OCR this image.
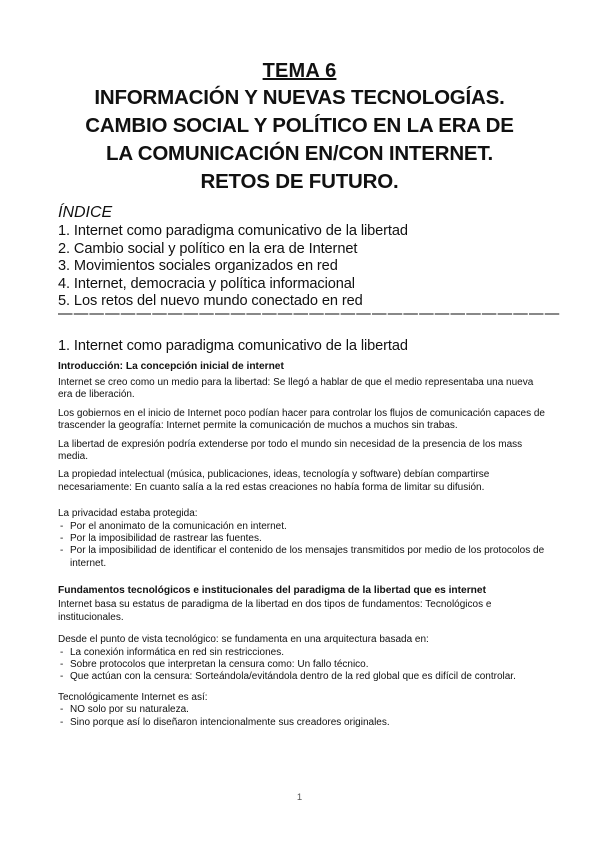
TEMA 6
INFORMACIÓN Y NUEVAS TECNOLOGÍAS.
CAMBIO SOCIAL Y POLÍTICO EN LA ERA DE
LA COMUNICACIÓN EN/CON INTERNET.
RETOS DE FUTURO.
ÍNDICE
1. Internet como paradigma comunicativo de la libertad
2. Cambio social y político en la era de Internet
3. Movimientos sociales organizados en red
4. Internet, democracia y política informacional
5. Los retos del nuevo mundo conectado en red
————————————————————————————————
1. Internet como paradigma comunicativo de la libertad
Introducción: La concepción inicial de internet

Internet se creo como un medio para la libertad: Se llegó a hablar de que el medio representaba una nueva era de liberación.

Los gobiernos en el inicio de Internet poco podían hacer para controlar los flujos de comunicación capaces de trascender la geografía: Internet permite la comunicación de muchos a muchos sin trabas.

La libertad de expresión podría extenderse por todo el mundo sin necesidad de la presencia de los mass media.

La propiedad intelectual (música, publicaciones, ideas, tecnología y software) debían compartirse necesariamente: En cuanto salía a la red estas creaciones no había forma de limitar su difusión.

La privacidad estaba protegida:

- Por el anonimato de la comunicación en internet.
- Por la imposibilidad de rastrear las fuentes.
- Por la imposibilidad de identificar el contenido de los mensajes transmitidos por medio de los protocolos de internet.
Fundamentos tecnológicos e institucionales del paradigma de la libertad que es internet

Internet basa su estatus de paradigma de la libertad en dos tipos de fundamentos: Tecnológicos e institucionales.

Desde el punto de vista tecnológico: se fundamenta en una arquitectura basada en:

- La conexión informática en red sin restricciones.
- Sobre protocolos que interpretan la censura como: Un fallo técnico.
- Que actúan con la censura: Sorteándola/evitándola dentro de la red global que es difícil de controlar.

Tecnológicamente Internet es así:

- NO solo por su naturaleza.
- Sino porque así lo diseñaron intencionalmente sus creadores originales.
1
